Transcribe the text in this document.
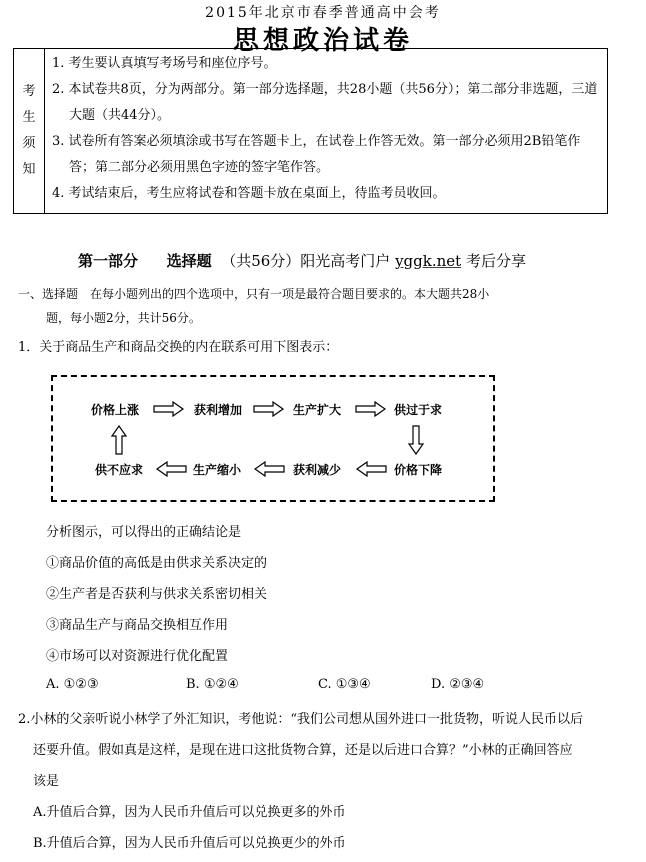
2015年北京市春季普通高中会考
思想政治试卷
考
生
须
知
1. 考生要认真填写考场号和座位序号。
2. 本试卷共8页，分为两部分。第一部分选择题，共28小题（共56分）；第二部分非选题，三道大题（共44分）。
3. 试卷所有答案必须填涂或书写在答题卡上，在试卷上作答无效。第一部分必须用2B铅笔作答；第二部分必须用黑色字迹的签字笔作答。
4. 考试结束后，考生应将试卷和答题卡放在桌面上，待监考员收回。
第一部分 选择题 （共56分）阳光高考门户 yggk.net 考后分享
一、选择题　在每小题列出的四个选项中，只有一项是最符合题目要求的。本大题共28小
题，每小题2分，共计56分。
1．关于商品生产和商品交换的内在联系可用下图表示：
价格上涨	获利增加	生产扩大	供过于求
供不应求	生产缩小	获利减少	价格下降
分析图示，可以得出的正确结论是
①商品价值的高低是由供求关系决定的
②生产者是否获利与供求关系密切相关
③商品生产与商品交换相互作用
④市场可以对资源进行优化配置
A. ①②③	B. ①②④	C. ①③④	D. ②③④
2.小林的父亲听说小林学了外汇知识，考他说：“我们公司想从国外进口一批货物，听说人民币以后
还要升值。假如真是这样，是现在进口这批货物合算，还是以后进口合算？”小林的正确回答应
该是
A.升值后合算，因为人民币升值后可以兑换更多的外币
B.升值后合算，因为人民币升值后可以兑换更少的外币
